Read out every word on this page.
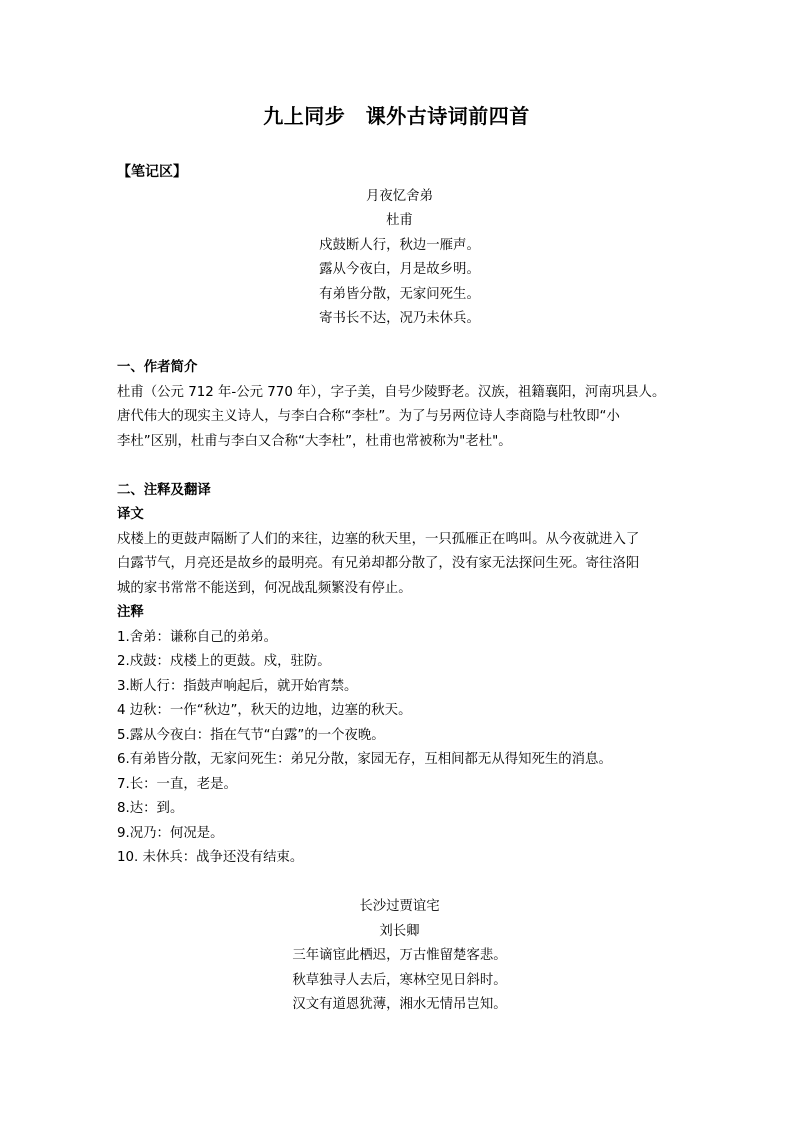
九上同步　课外古诗词前四首
【笔记区】
月夜忆舍弟
杜甫
戍鼓断人行，秋边一雁声。
露从今夜白，月是故乡明。
有弟皆分散，无家问死生。
寄书长不达，况乃未休兵。
一、作者简介
杜甫（公元 712 年-公元 770 年），字子美，自号少陵野老。汉族，祖籍襄阳，河南巩县人。
唐代伟大的现实主义诗人，与李白合称“李杜”。为了与另两位诗人李商隐与杜牧即“小
李杜”区别，杜甫与李白又合称“大李杜”，杜甫也常被称为"老杜"。
二、注释及翻译
译文
戍楼上的更鼓声隔断了人们的来往，边塞的秋天里，一只孤雁正在鸣叫。从今夜就进入了
白露节气，月亮还是故乡的最明亮。有兄弟却都分散了，没有家无法探问生死。寄往洛阳
城的家书常常不能送到，何况战乱频繁没有停止。
注释
1.舍弟：谦称自己的弟弟。
2.戍鼓：戍楼上的更鼓。戍，驻防。
3.断人行：指鼓声响起后，就开始宵禁。
4 边秋：一作“秋边”，秋天的边地，边塞的秋天。
5.露从今夜白：指在气节“白露”的一个夜晚。
6.有弟皆分散，无家问死生：弟兄分散，家园无存，互相间都无从得知死生的消息。
7.长：一直，老是。
8.达：到。
9.况乃：何况是。
10. 未休兵：战争还没有结束。
长沙过贾谊宅
刘长卿
三年谪宦此栖迟，万古惟留楚客悲。
秋草独寻人去后，寒林空见日斜时。
汉文有道恩犹薄，湘水无情吊岂知。
